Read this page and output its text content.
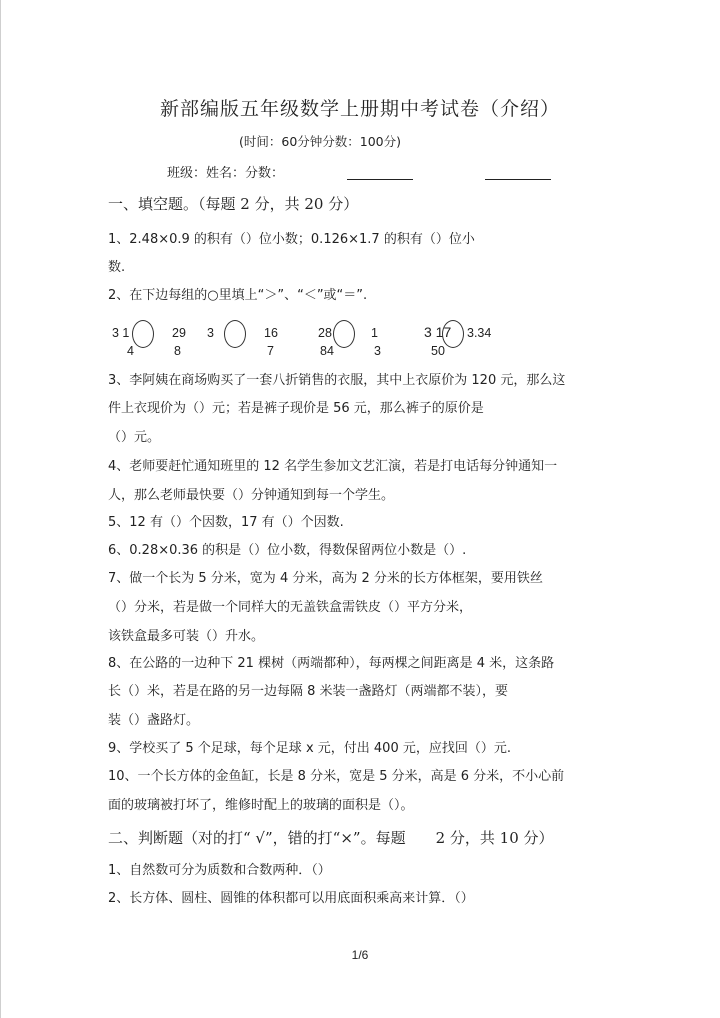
新部编版五年级数学上册期中考试卷（介绍）
(时间：60分钟分数：100分)
班级：姓名：分数：
一、填空题。（每题 2 分，共 20 分）
1、2.48×0.9 的积有（）位小数；0.126×1.7 的积有（）位小
数.
2、在下边每组的○里填上“＞”、“＜”或“＝”.
3 1
4
29
8
3	16
7
28
84
1
3
3 17
50
3.34
3、李阿姨在商场购买了一套八折销售的衣服，其中上衣原价为 120 元，那么这
件上衣现价为（）元；若是裤子现价是 56 元，那么裤子的原价是
（）元。
4、老师要赶忙通知班里的 12 名学生参加文艺汇演，若是打电话每分钟通知一
人，那么老师最快要（）分钟通知到每一个学生。
5、12 有（）个因数，17 有（）个因数.
6、0.28×0.36 的积是（）位小数，得数保留两位小数是（）.
7、做一个长为 5 分米，宽为 4 分米，高为 2 分米的长方体框架，要用铁丝
（）分米，若是做一个同样大的无盖铁盒需铁皮（）平方分米，
该铁盒最多可装（）升水。
8、在公路的一边种下 21 棵树（两端都种），每两棵之间距离是 4 米，这条路
长（）米，若是在路的另一边每隔 8 米装一盏路灯（两端都不装），要
装（）盏路灯。
9、学校买了 5 个足球，每个足球 x 元，付出 400 元，应找回（）元.
10、一个长方体的金鱼缸，长是 8 分米，宽是 5 分米，高是 6 分米，不小心前
面的玻璃被打坏了，维修时配上的玻璃的面积是（）。
二、判断题（对的打“ √”，错的打“×”。每题　　2 分，共 10 分）
1、自然数可分为质数和合数两种．（）
2、长方体、圆柱、圆锥的体积都可以用底面积乘高来计算．（）
1/6
